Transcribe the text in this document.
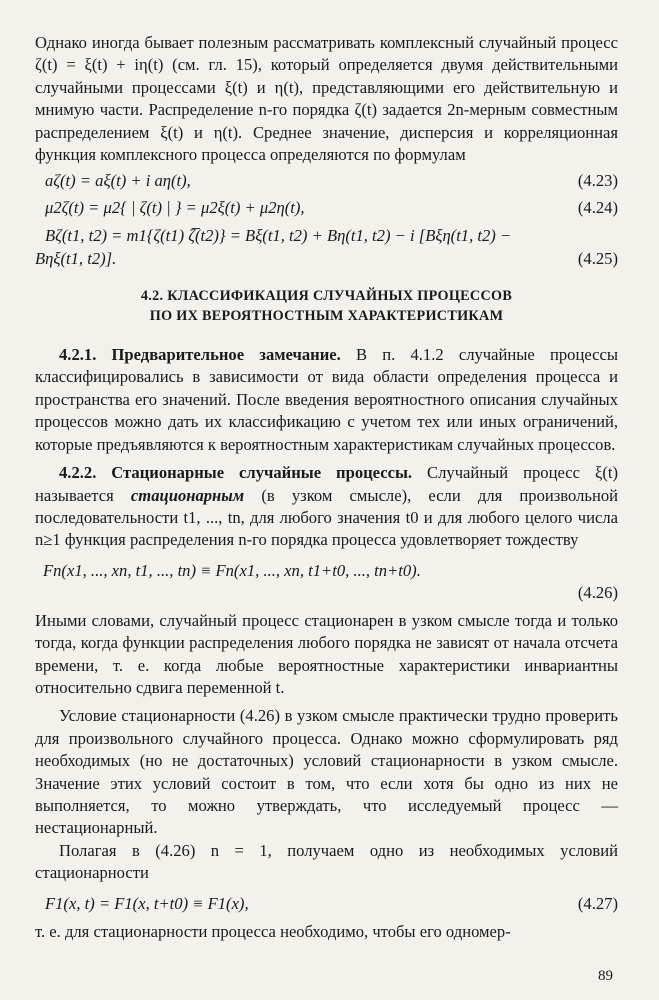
Однако иногда бывает полезным рассматривать комплексный случайный процесс ζ(t) = ξ(t) + iη(t) (см. гл. 15), который определяется двумя действительными случайными процессами ξ(t) и η(t), представляющими его действительную и мнимую части. Распределение n-го порядка ζ(t) задается 2n-мерным совместным распределением ξ(t) и η(t). Среднее значение, дисперсия и корреляционная функция комплексного процесса определяются по формулам

aζ(t) = aξ(t) + i aη(t),	(4.23)
μ2ζ(t) = μ2{ | ζ(t) | } = μ2ξ(t) + μ2η(t),	(4.24)
Bζ(t1, t2) = m1{ζ(t1) ζ̅(t2)} = Bξ(t1, t2) + Bη(t1, t2) − i [Bξη(t1, t2) −
Bηξ(t1, t2)].	(4.25)
4.2. КЛАССИФИКАЦИЯ СЛУЧАЙНЫХ ПРОЦЕССОВ
ПО ИХ ВЕРОЯТНОСТНЫМ ХАРАКТЕРИСТИКАМ

4.2.1. Предварительное замечание. В п. 4.1.2 случайные процессы классифицировались в зависимости от вида области определения процесса и пространства его значений. После введения вероятностного описания случайных процессов можно дать их классификацию с учетом тех или иных ограничений, которые предъявляются к вероятностным характеристикам случайных процессов.

4.2.2. Стационарные случайные процессы. Случайный процесс ξ(t) называется стационарным (в узком смысле), если для произвольной последовательности t1, ..., tn, для любого значения t0 и для любого целого числа n≥1 функция распределения n-го порядка процесса удовлетворяет тождеству

Fn(x1, ..., xn, t1, ..., tn) ≡ Fn(x1, ..., xn, t1+t0, ..., tn+t0).
(4.26)

Иными словами, случайный процесс стационарен в узком смысле тогда и только тогда, когда функции распределения любого порядка не зависят от начала отсчета времени, т. е. когда любые вероятностные характеристики инвариантны относительно сдвига переменной t.

Условие стационарности (4.26) в узком смысле практически трудно проверить для произвольного случайного процесса. Однако можно сформулировать ряд необходимых (но не достаточных) условий стационарности в узком смысле. Значение этих условий состоит в том, что если хотя бы одно из них не выполняется, то можно утверждать, что исследуемый процесс — нестационарный.

Полагая в (4.26) n = 1, получаем одно из необходимых условий стационарности

F1(x, t) = F1(x, t+t0) ≡ F1(x),	(4.27)

т. е. для стационарности процесса необходимо, чтобы его одномер-

89
